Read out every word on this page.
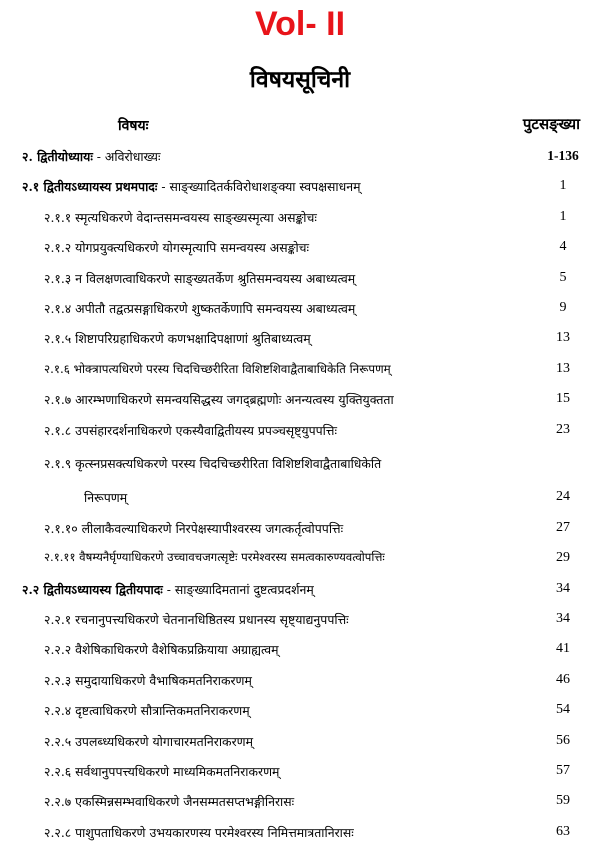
Vol- II
विषयसूचिनी
विषयः	पुटसङ्ख्या
२. द्वितीयोध्यायः - अविरोधाख्यः	1-136
२.१ द्वितीयऽध्यायस्य प्रथमपादः - साङ्ख्यादितर्कविरोधाशङ्क्या स्वपक्षसाधनम्	1
२.१.१ स्मृत्यधिकरणे वेदान्तसमन्वयस्य साङ्ख्यस्मृत्या असङ्कोचः	1
२.१.२ योगप्रयुक्त्यधिकरणे योगस्मृत्यापि समन्वयस्य असङ्कोचः	4
२.१.३ न विलक्षणत्वाधिकरणे साङ्ख्यतर्केण श्रुतिसमन्वयस्य अबाध्यत्वम्	5
२.१.४ अपीतौ तद्वत्प्रसङ्गाधिकरणे शुष्कतर्केणापि समन्वयस्य अबाध्यत्वम्	9
२.१.५ शिष्टापरिग्रहाधिकरणे कणभक्षादिपक्षाणां श्रुतिबाध्यत्वम्	13
२.१.६ भोक्त्रापत्यधिरणे परस्य चिदचिच्छरीरिता विशिष्टशिवाद्वैताबाधिकेति निरूपणम्	13
२.१.७ आरम्भणाधिकरणे समन्वयसिद्धस्य जगद्ब्रह्मणोः अनन्यत्वस्य युक्तियुक्तता	15
२.१.८ उपसंहारदर्शनाधिकरणे एकस्यैवाद्वितीयस्य प्रपञ्चसृष्ट्युपपत्तिः	23
२.१.९ कृत्स्नप्रसक्त्यधिकरणे परस्य चिदचिच्छरीरिता विशिष्टशिवाद्वैताबाधिकेति
निरूपणम्	24
२.१.१० लीलाकैवल्याधिकरणे निरपेक्षस्यापीश्वरस्य जगत्कर्तृत्वोपपत्तिः	27
२.१.११ वैषम्यनैर्घृण्याधिकरणे उच्चावचजगत्सृष्टेः परमेश्वरस्य समत्वकारुण्यवत्वोपत्तिः	29
२.२ द्वितीयऽध्यायस्य द्वितीयपादः - साङ्ख्यादिमतानां दुष्टत्वप्रदर्शनम्	34
२.२.१ रचनानुपत्त्यधिकरणे चेतनानधिष्ठितस्य प्रधानस्य सृष्ट्याद्यनुपपत्तिः	34
२.२.२ वैशेषिकाधिकरणे वैशेषिकप्रक्रियाया अग्राह्यत्वम्	41
२.२.३ समुदायाधिकरणे वैभाषिकमतनिराकरणम्	46
२.२.४ दृष्टत्वाधिकरणे सौत्रान्तिकमतनिराकरणम्	54
२.२.५ उपलब्ध्यधिकरणे योगाचारमतनिराकरणम्	56
२.२.६ सर्वथानुपपत्त्यधिकरणे माध्यमिकमतनिराकरणम्	57
२.२.७ एकस्मिन्नसम्भवाधिकरणे जैनसम्मतसप्तभङ्गीनिरासः	59
२.२.८ पाशुपताधिकरणे उभयकारणस्य परमेश्वरस्य निमित्तमात्रतानिरासः	63
